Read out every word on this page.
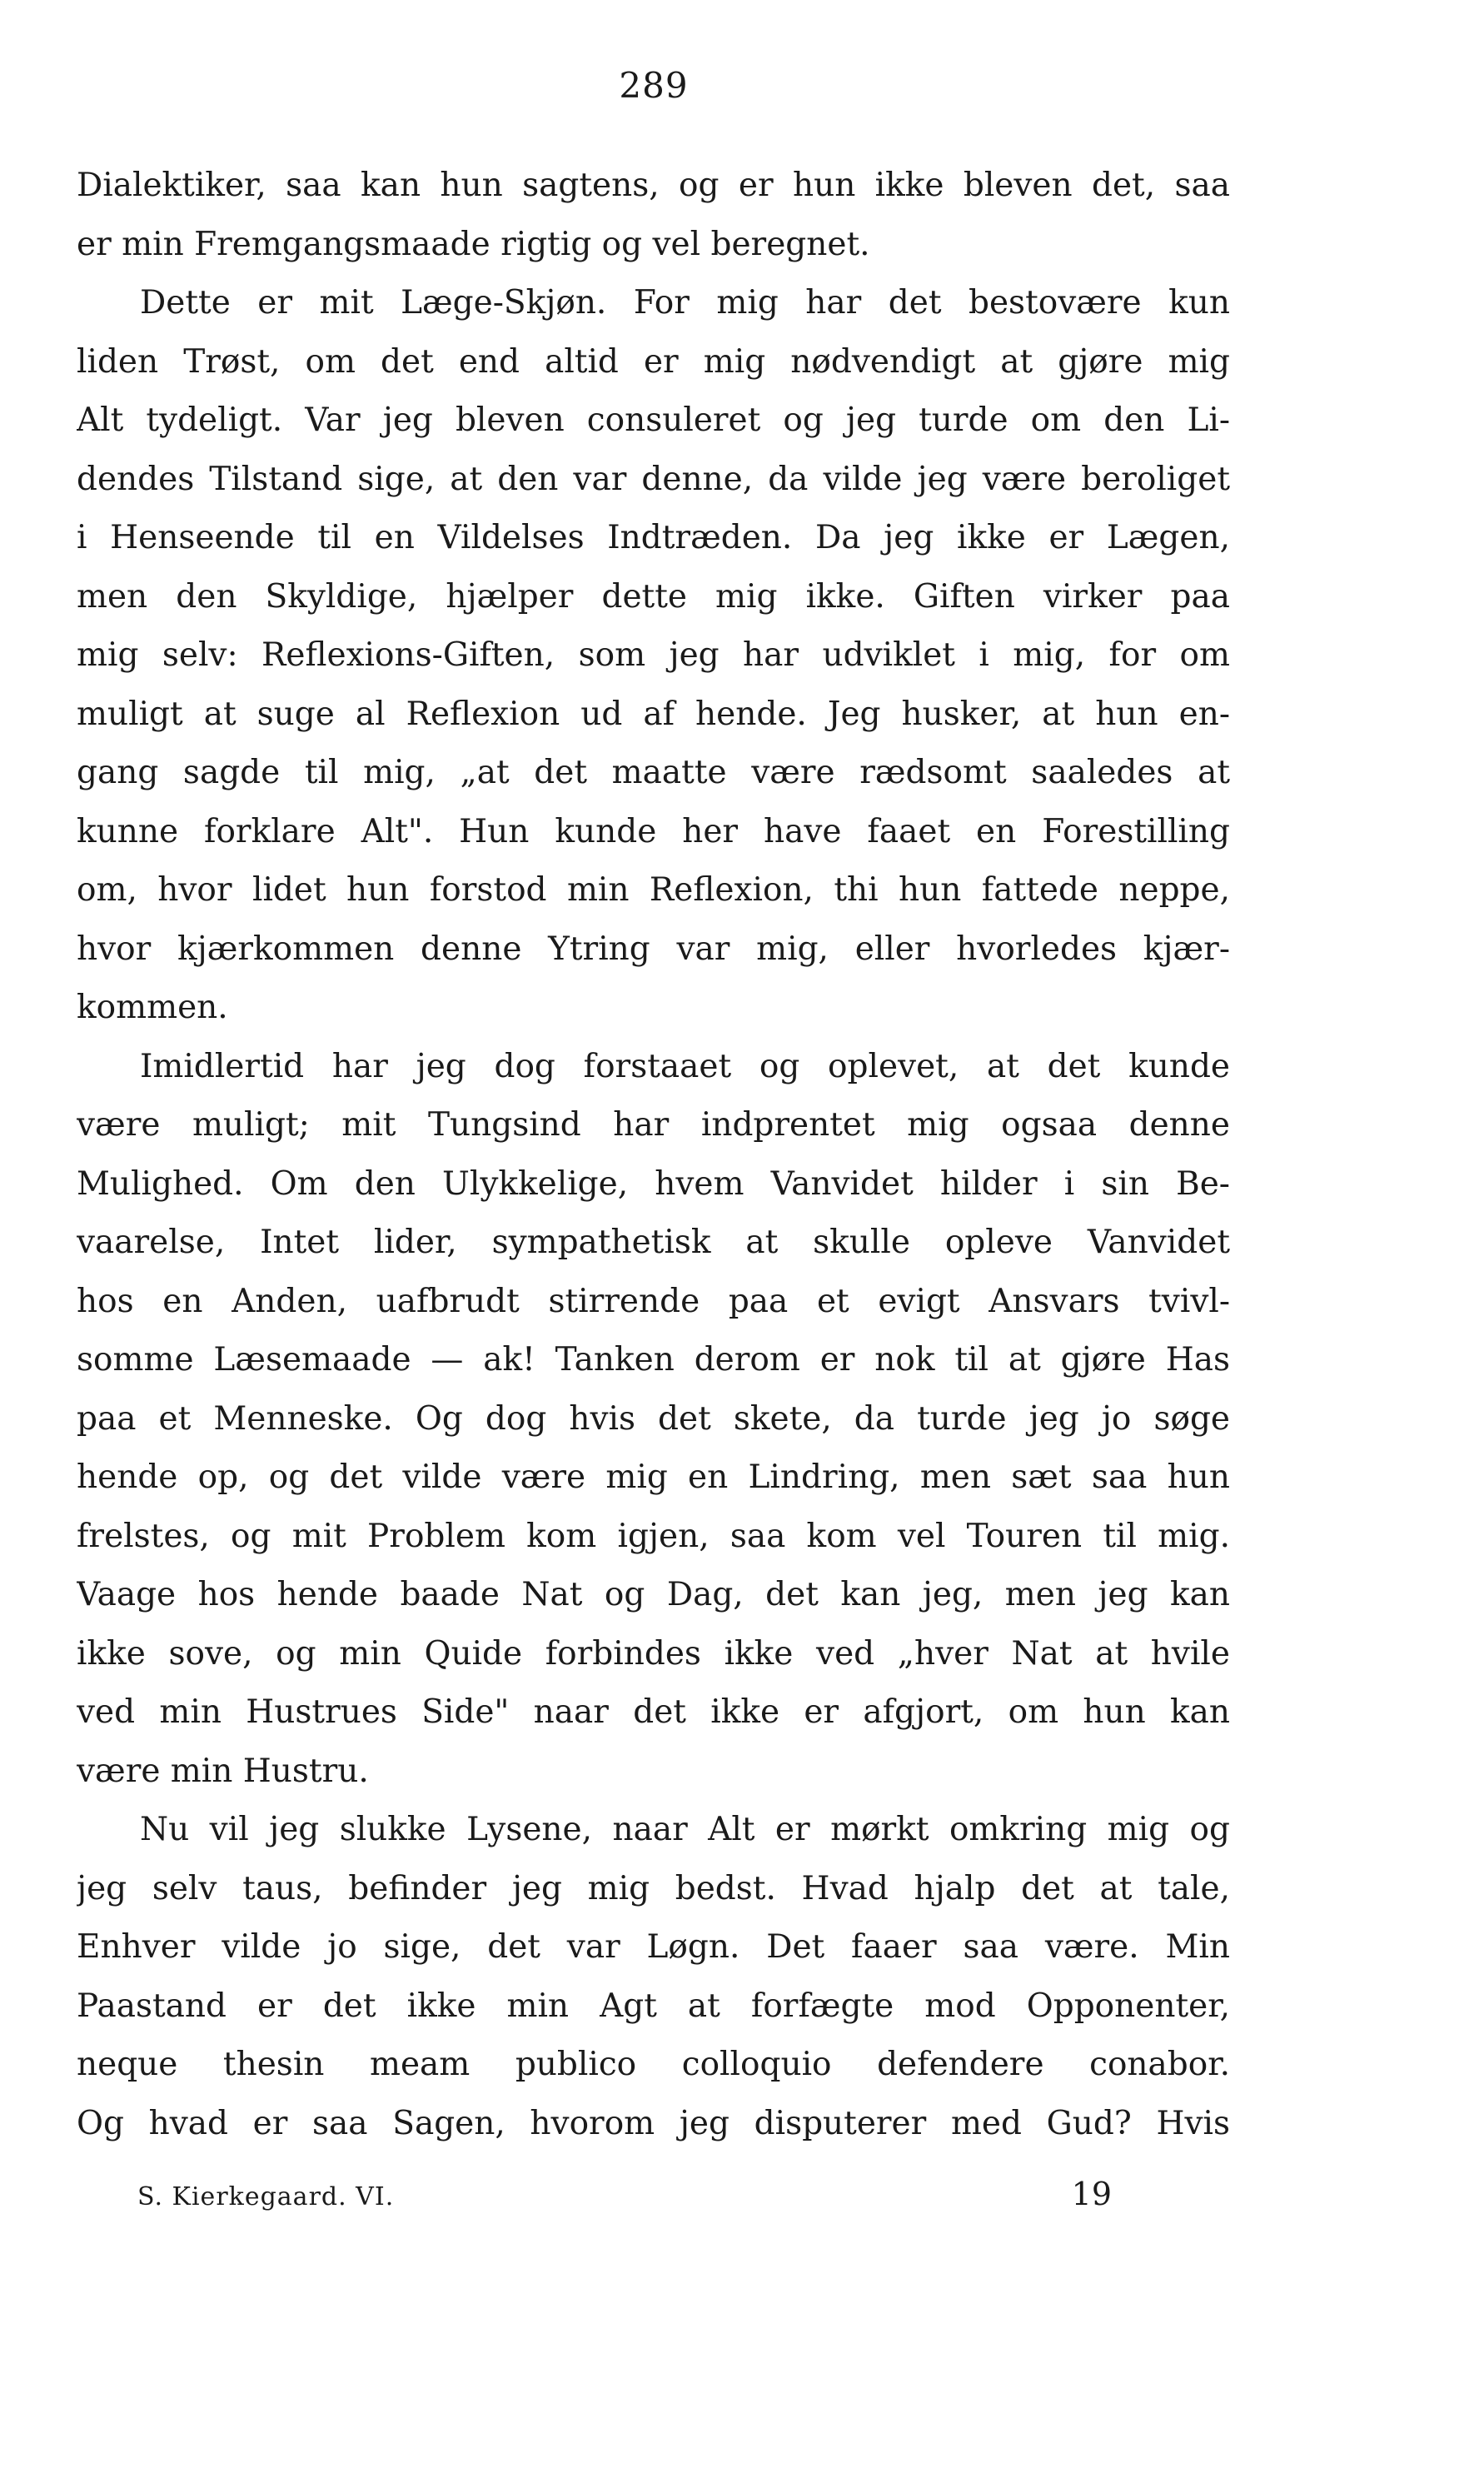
289
Dialektiker, saa kan hun sagtens, og er hun ikke bleven det, saa
er min Fremgangsmaade rigtig og vel beregnet.
Dette er mit Læge-Skjøn. For mig har det bestovære kun
liden Trøst, om det end altid er mig nødvendigt at gjøre mig
Alt tydeligt. Var jeg bleven consuleret og jeg turde om den Li-
dendes Tilstand sige, at den var denne, da vilde jeg være beroliget
i Henseende til en Vildelses Indtræden. Da jeg ikke er Lægen,
men den Skyldige, hjælper dette mig ikke. Giften virker paa
mig selv: Reflexions-Giften, som jeg har udviklet i mig, for om
muligt at suge al Reflexion ud af hende. Jeg husker, at hun en-
gang sagde til mig, „at det maatte være rædsomt saaledes at
kunne forklare Alt". Hun kunde her have faaet en Forestilling
om, hvor lidet hun forstod min Reflexion, thi hun fattede neppe,
hvor kjærkommen denne Ytring var mig, eller hvorledes kjær-
kommen.
Imidlertid har jeg dog forstaaet og oplevet, at det kunde
være muligt; mit Tungsind har indprentet mig ogsaa denne
Mulighed. Om den Ulykkelige, hvem Vanvidet hilder i sin Be-
vaarelse, Intet lider, sympathetisk at skulle opleve Vanvidet
hos en Anden, uafbrudt stirrende paa et evigt Ansvars tvivl-
somme Læsemaade — ak! Tanken derom er nok til at gjøre Has
paa et Menneske. Og dog hvis det skete, da turde jeg jo søge
hende op, og det vilde være mig en Lindring, men sæt saa hun
frelstes, og mit Problem kom igjen, saa kom vel Touren til mig.
Vaage hos hende baade Nat og Dag, det kan jeg, men jeg kan
ikke sove, og min Quide forbindes ikke ved „hver Nat at hvile
ved min Hustrues Side" naar det ikke er afgjort, om hun kan
være min Hustru.
Nu vil jeg slukke Lysene, naar Alt er mørkt omkring mig og
jeg selv taus, befinder jeg mig bedst. Hvad hjalp det at tale,
Enhver vilde jo sige, det var Løgn. Det faaer saa være. Min
Paastand er det ikke min Agt at forfægte mod Opponenter,
neque thesin meam publico colloquio defendere conabor.
Og hvad er saa Sagen, hvorom jeg disputerer med Gud? Hvis
S. Kierkegaard. VI.	19
